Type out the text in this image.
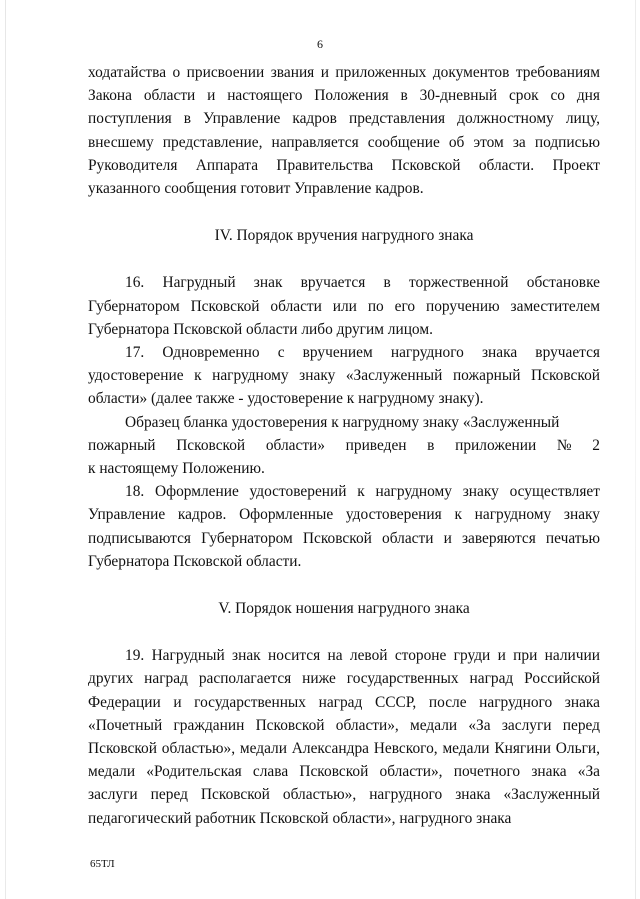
6

ходатайства о присвоении звания и приложенных документов требованиям Закона области и настоящего Положения в 30-дневный срок со дня поступления в Управление кадров представления должностному лицу, внесшему представление, направляется сообщение об этом за подписью Руководителя Аппарата Правительства Псковской области. Проект указанного сообщения готовит Управление кадров.

IV. Порядок вручения нагрудного знака

16. Нагрудный знак вручается в торжественной обстановке Губернатором Псковской области или по его поручению заместителем Губернатора Псковской области либо другим лицом.

17. Одновременно с вручением нагрудного знака вручается удостоверение к нагрудному знаку «Заслуженный пожарный Псковской области» (далее также - удостоверение к нагрудному знаку).

Образец бланка удостоверения к нагрудному знаку «Заслуженный

пожарный Псковской области» приведен в приложении № 2

к настоящему Положению.

18. Оформление удостоверений к нагрудному знаку осуществляет Управление кадров. Оформленные удостоверения к нагрудному знаку подписываются Губернатором Псковской области и заверяются печатью Губернатора Псковской области.

V. Порядок ношения нагрудного знака

19. Нагрудный знак носится на левой стороне груди и при наличии других наград располагается ниже государственных наград Российской Федерации и государственных наград СССР, после нагрудного знака «Почетный гражданин Псковской области», медали «За заслуги перед Псковской областью», медали Александра Невского, медали Княгини Ольги, медали «Родительская слава Псковской области», почетного знака «За заслуги перед Псковской областью», нагрудного знака «Заслуженный педагогический работник Псковской области», нагрудного знака

65ТЛ
